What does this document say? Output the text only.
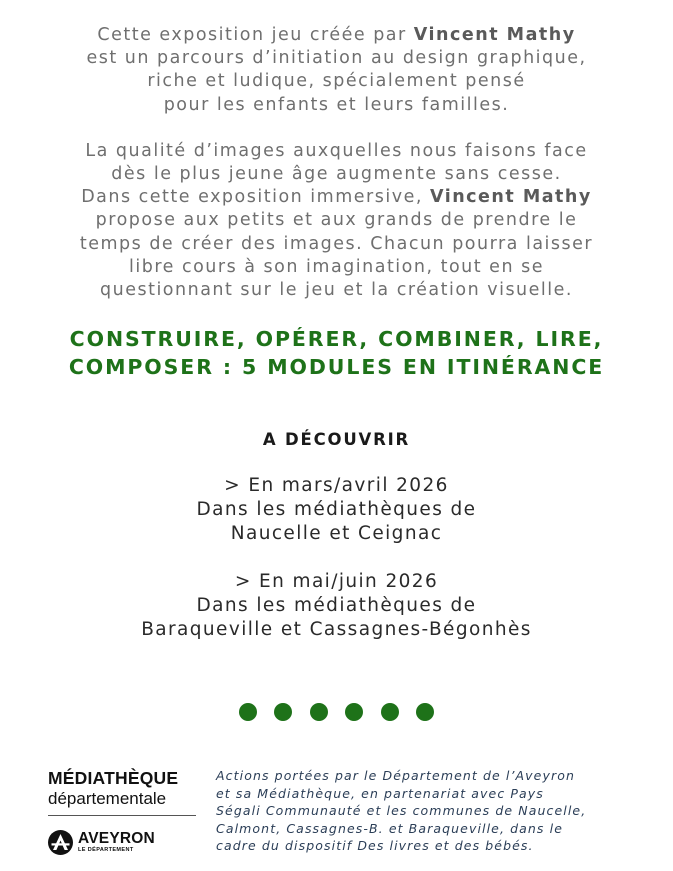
Cette exposition jeu créée par Vincent Mathy
est un parcours d’initiation au design graphique,
riche et ludique, spécialement pensé
pour les enfants et leurs familles.

La qualité d’images auxquelles nous faisons face
dès le plus jeune âge augmente sans cesse.
Dans cette exposition immersive, Vincent Mathy
propose aux petits et aux grands de prendre le
temps de créer des images. Chacun pourra laisser
libre cours à son imagination, tout en se
questionnant sur le jeu et la création visuelle.

CONSTRUIRE, OPÉRER, COMBINER, LIRE,
COMPOSER : 5 MODULES EN ITINÉRANCE
A DÉCOUVRIR
> En mars/avril 2026
Dans les médiathèques de
Naucelle et Ceignac
> En mai/juin 2026
Dans les médiathèques de
Baraqueville et Cassagnes-Bégonhès
MÉDIATHÈQUE
départementale
AVEYRON
LE DÉPARTEMENT
Actions portées par le Département de l’Aveyron
et sa Médiathèque, en partenariat avec Pays
Ségali Communauté et les communes de Naucelle,
Calmont, Cassagnes-B. et Baraqueville, dans le
cadre du dispositif Des livres et des bébés.
